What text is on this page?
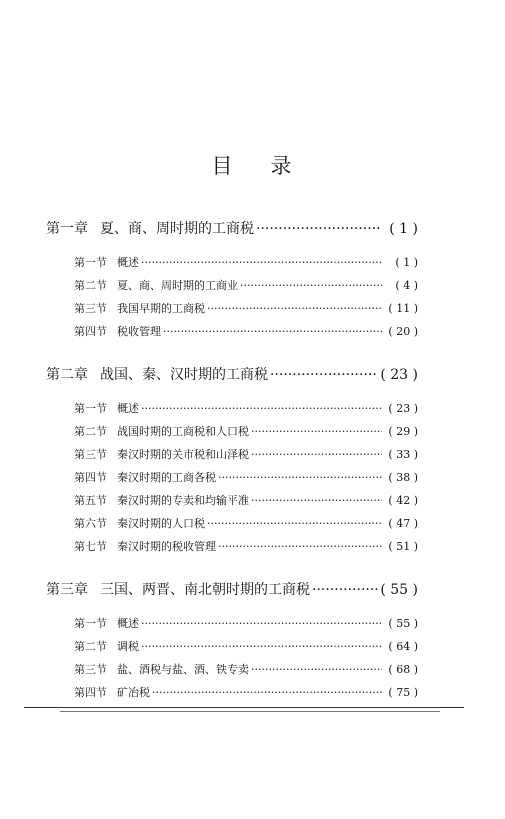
目 录
第一章 夏、商、周时期的工商税 ·····	( 1 )
第一节 概述 ·····	( 1 )
第二节 夏、商、周时期的工商业 ·····	( 4 )
第三节 我国早期的工商税 ·····	( 11 )
第四节 税收管理 ·····	( 20 )
第二章 战国、秦、汉时期的工商税 ·····	( 23 )
第一节 概述 ·····	( 23 )
第二节 战国时期的工商税和人口税 ·····	( 29 )
第三节 秦汉时期的关市税和山泽税 ·····	( 33 )
第四节 秦汉时期的工商各税 ·····	( 38 )
第五节 秦汉时期的专卖和均输平准 ·····	( 42 )
第六节 秦汉时期的人口税 ·····	( 47 )
第七节 秦汉时期的税收管理 ·····	( 51 )
第三章 三国、两晋、南北朝时期的工商税 ·····	( 55 )
第一节 概述 ·····	( 55 )
第二节 调税 ·····	( 64 )
第三节 盐、酒税与盐、酒、铁专卖 ·····	( 68 )
第四节 矿冶税 ·····	( 75 )
